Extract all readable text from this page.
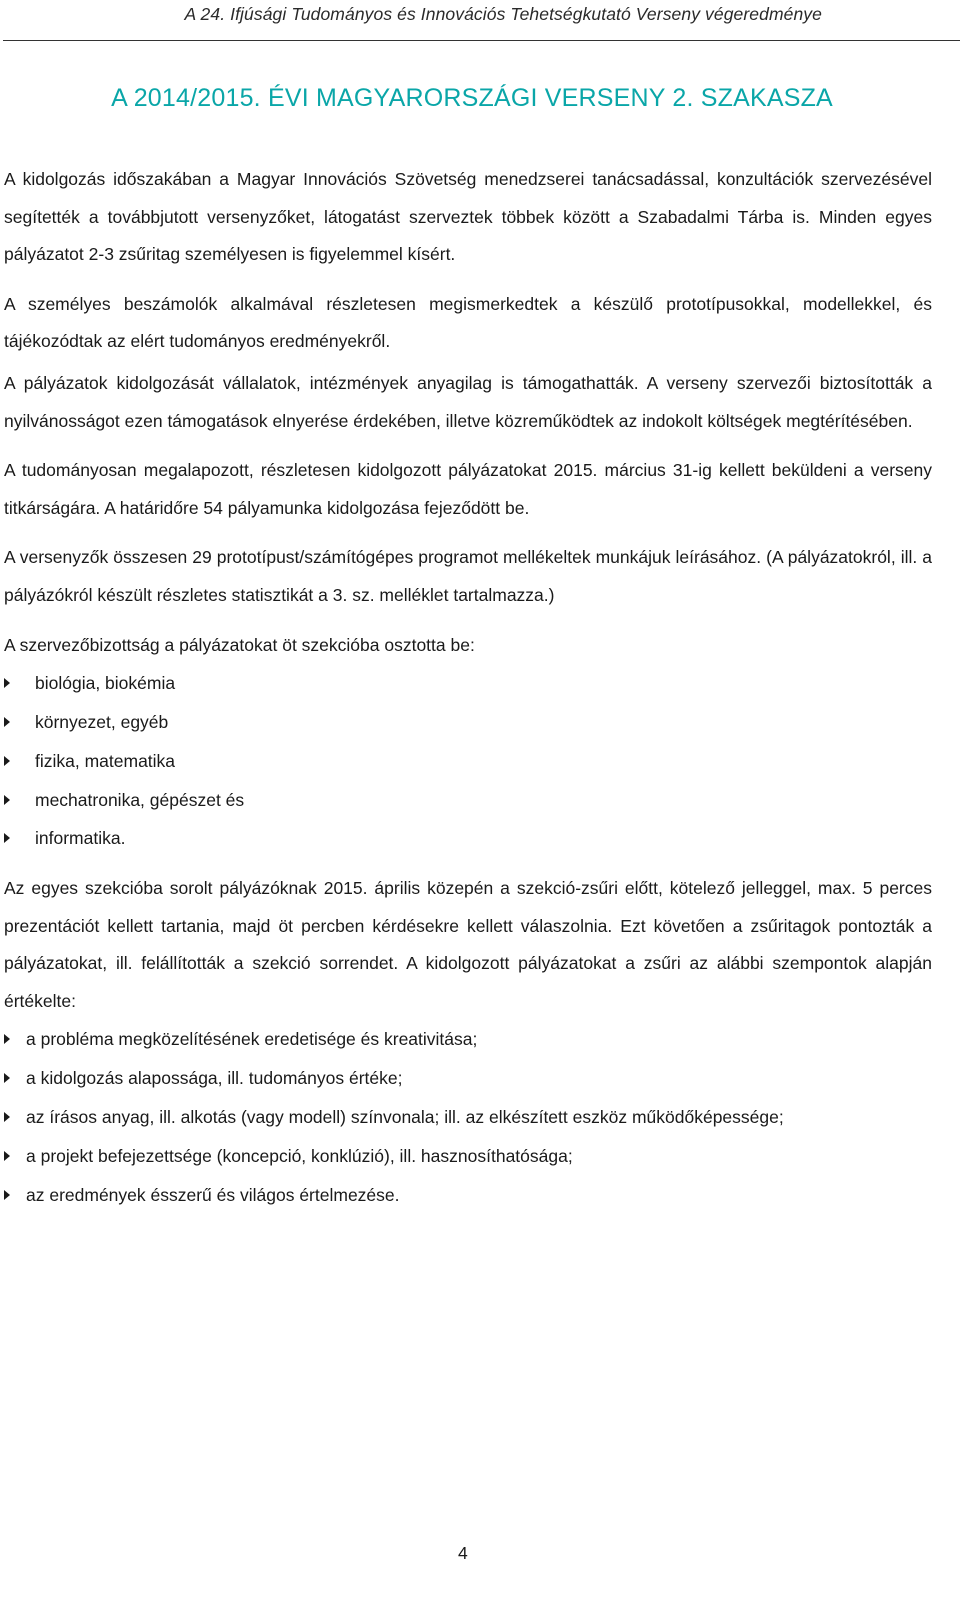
A 24. Ifjúsági Tudományos és Innovációs Tehetségkutató Verseny végeredménye
A 2014/2015. ÉVI MAGYARORSZÁGI VERSENY 2. SZAKASZA

A kidolgozás időszakában a Magyar Innovációs Szövetség menedzserei tanácsadással, konzultációk szervezésével segítették a továbbjutott versenyzőket, látogatást szerveztek többek között a Szabadalmi Tárba is. Minden egyes pályázatot 2-3 zsűritag személyesen is figyelemmel kísért.

A személyes beszámolók alkalmával részletesen megismerkedtek a készülő prototípusokkal, modellekkel, és tájékozódtak az elért tudományos eredményekről.

A pályázatok kidolgozását vállalatok, intézmények anyagilag is támogathatták. A verseny szervezői biztosították a nyilvánosságot ezen támogatások elnyerése érdekében, illetve közreműködtek az indokolt költségek megtérítésében.

A tudományosan megalapozott, részletesen kidolgozott pályázatokat 2015. március 31-ig kellett beküldeni a verseny titkárságára. A határidőre 54 pályamunka kidolgozása fejeződött be.

A versenyzők összesen 29 prototípust/számítógépes programot mellékeltek munkájuk leírásához. (A pályázatokról, ill. a pályázókról készült részletes statisztikát a 3. sz. melléklet tartalmazza.)

A szervezőbizottság a pályázatokat öt szekcióba osztotta be:

biológia, biokémia
környezet, egyéb
fizika, matematika
mechatronika, gépészet és
informatika.

Az egyes szekcióba sorolt pályázóknak 2015. április közepén a szekció-zsűri előtt, kötelező jelleggel, max. 5 perces prezentációt kellett tartania, majd öt percben kérdésekre kellett válaszolnia. Ezt követően a zsűritagok pontozták a pályázatokat, ill. felállították a szekció sorrendet. A kidolgozott pályázatokat a zsűri az alábbi szempontok alapján értékelte:

a probléma megközelítésének eredetisége és kreativitása;
a kidolgozás alapossága, ill. tudományos értéke;
az írásos anyag, ill. alkotás (vagy modell) színvonala; ill. az elkészített eszköz működőképessége;
a projekt befejezettsége (koncepció, konklúzió), ill. hasznosíthatósága;
az eredmények ésszerű és világos értelmezése.
4
